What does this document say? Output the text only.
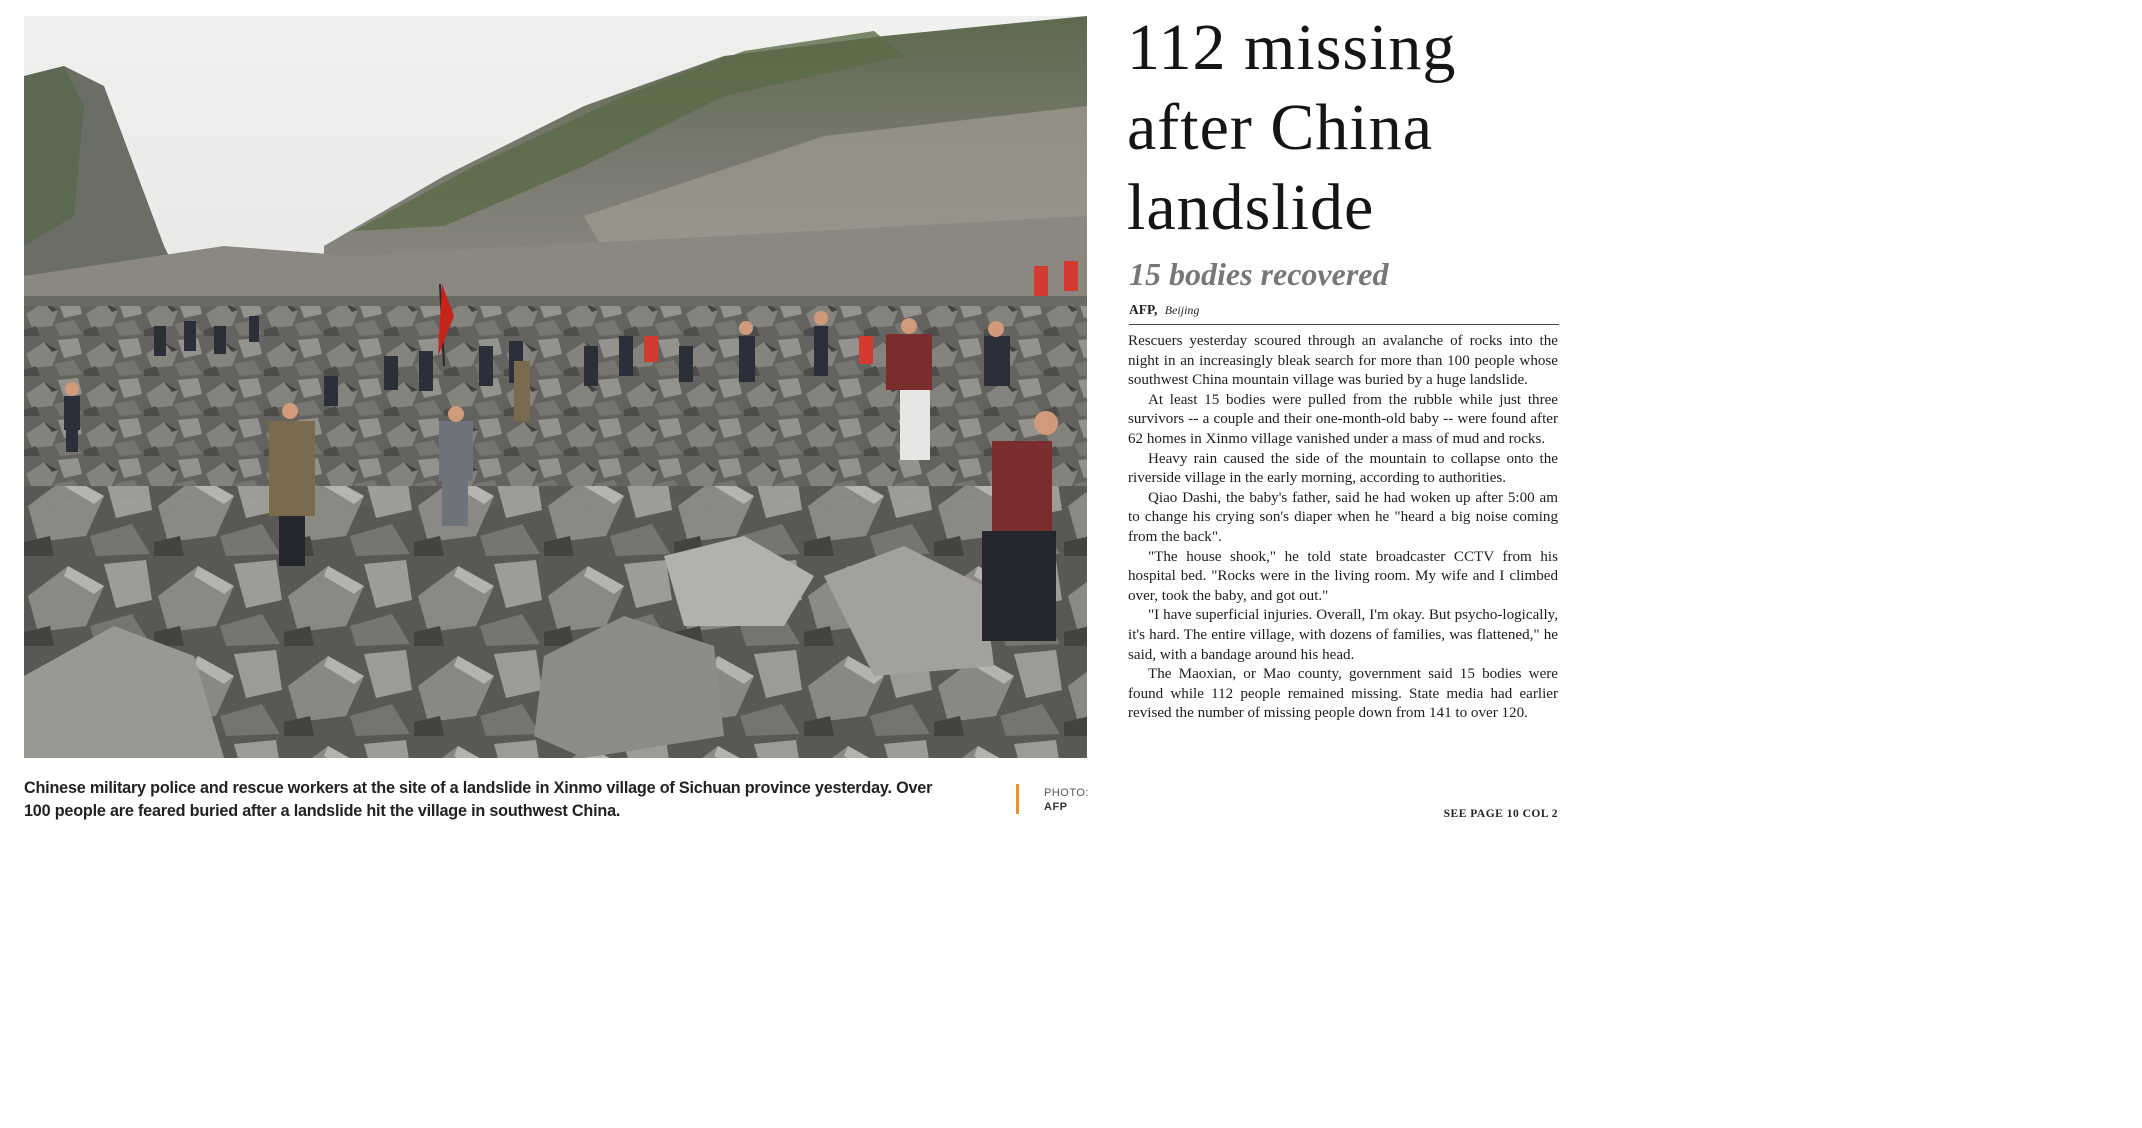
Chinese military police and rescue workers at the site of a landslide in Xinmo village of Sichuan province yesterday. Over 100 people are feared buried after a landslide hit the village in southwest China.
PHOTO:
AFP
112 missing
after China
landslide
15 bodies recovered
AFP, Beijing

Rescuers yesterday scoured through an avalanche of rocks into the night in an increasingly bleak search for more than 100 people whose southwest China mountain village was buried by a huge landslide.

At least 15 bodies were pulled from the rubble while just three survivors -- a couple and their one-month-old baby -- were found after 62 homes in Xinmo village vanished under a mass of mud and rocks.

Heavy rain caused the side of the mountain to collapse onto the riverside village in the early morning, according to authorities.

Qiao Dashi, the baby's father, said he had woken up after 5:00 am to change his crying son's diaper when he "heard a big noise coming from the back".

"The house shook," he told state broadcaster CCTV from his hospital bed. "Rocks were in the living room. My wife and I climbed over, took the baby, and got out."

"I have superficial injuries. Overall, I'm okay. But psycho-logically, it's hard. The entire village, with dozens of families, was flattened," he said, with a bandage around his head.

The Maoxian, or Mao county, government said 15 bodies were found while 112 people remained missing. State media had earlier revised the number of missing people down from 141 to over 120.

SEE PAGE 10 COL 2
